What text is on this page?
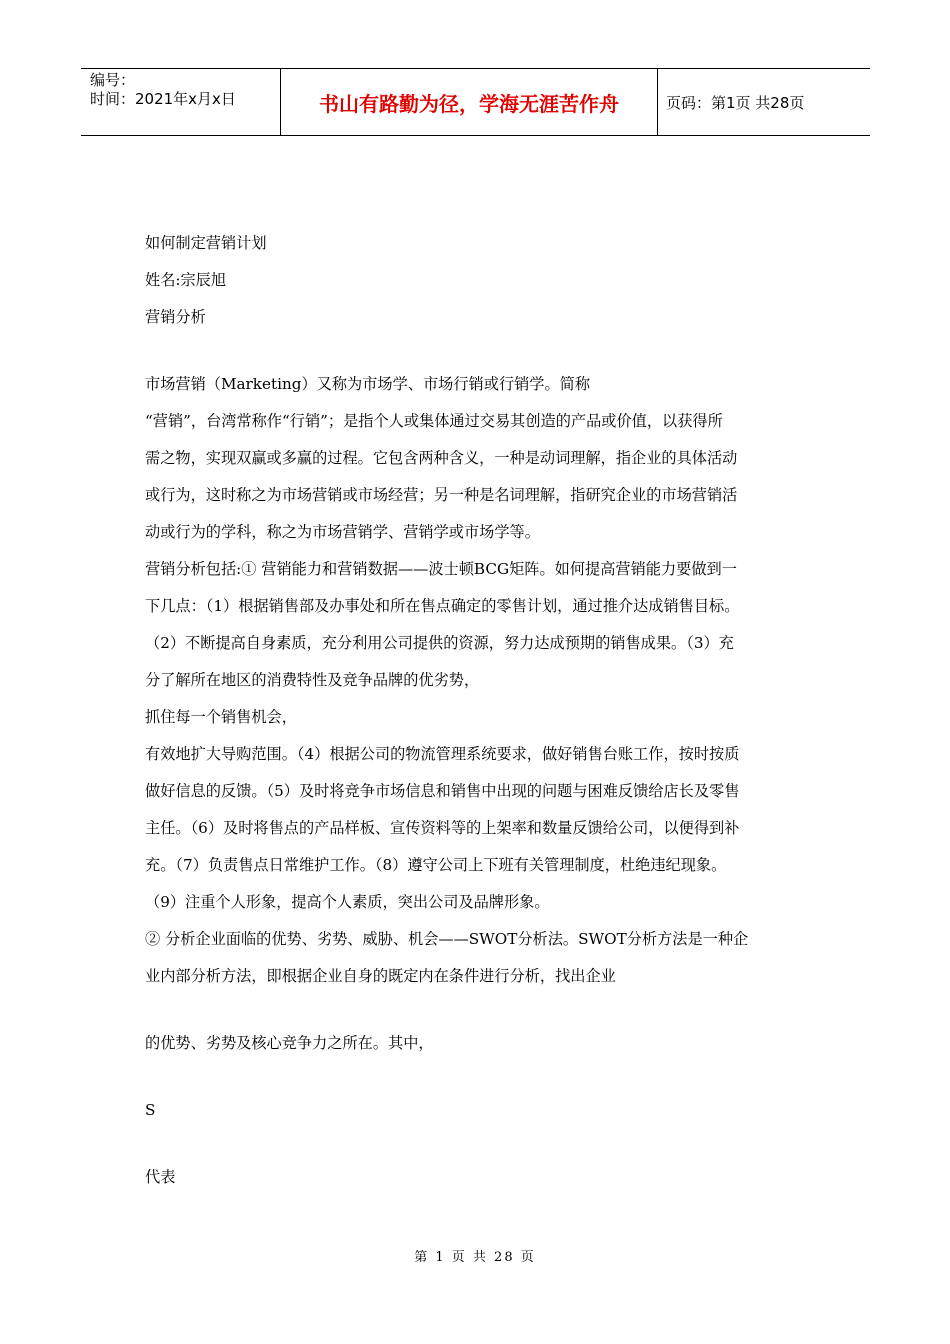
编号：
时间：2021年x月x日	书山有路勤为径，学海无涯苦作舟	页码：第1页 共28页
如何制定营销计划
姓名:宗辰旭
营销分析
市场营销（Marketing）又称为市场学、市场行销或行销学。简称
“营销”，台湾常称作“行销”；是指个人或集体通过交易其创造的产品或价值，以获得所
需之物，实现双赢或多赢的过程。它包含两种含义，一种是动词理解，指企业的具体活动
或行为，这时称之为市场营销或市场经营；另一种是名词理解，指研究企业的市场营销活
动或行为的学科，称之为市场营销学、营销学或市场学等。
营销分析包括:① 营销能力和营销数据——波士顿BCG矩阵。如何提高营销能力要做到一
下几点：（1）根据销售部及办事处和所在售点确定的零售计划，通过推介达成销售目标。
（2）不断提高自身素质，充分利用公司提供的资源，努力达成预期的销售成果。（3）充
分了解所在地区的消费特性及竞争品牌的优劣势，
抓住每一个销售机会，
有效地扩大导购范围。（4）根据公司的物流管理系统要求，做好销售台账工作，按时按质
做好信息的反馈。（5）及时将竞争市场信息和销售中出现的问题与困难反馈给店长及零售
主任。（6）及时将售点的产品样板、宣传资料等的上架率和数量反馈给公司，以便得到补
充。（7）负责售点日常维护工作。（8）遵守公司上下班有关管理制度，杜绝违纪现象。
（9）注重个人形象，提高个人素质，突出公司及品牌形象。
② 分析企业面临的优势、劣势、威胁、机会——SWOT分析法。SWOT分析方法是一种企
业内部分析方法，即根据企业自身的既定内在条件进行分析，找出企业
的优势、劣势及核心竞争力之所在。其中，
S
代表
第 1 页 共 28 页
